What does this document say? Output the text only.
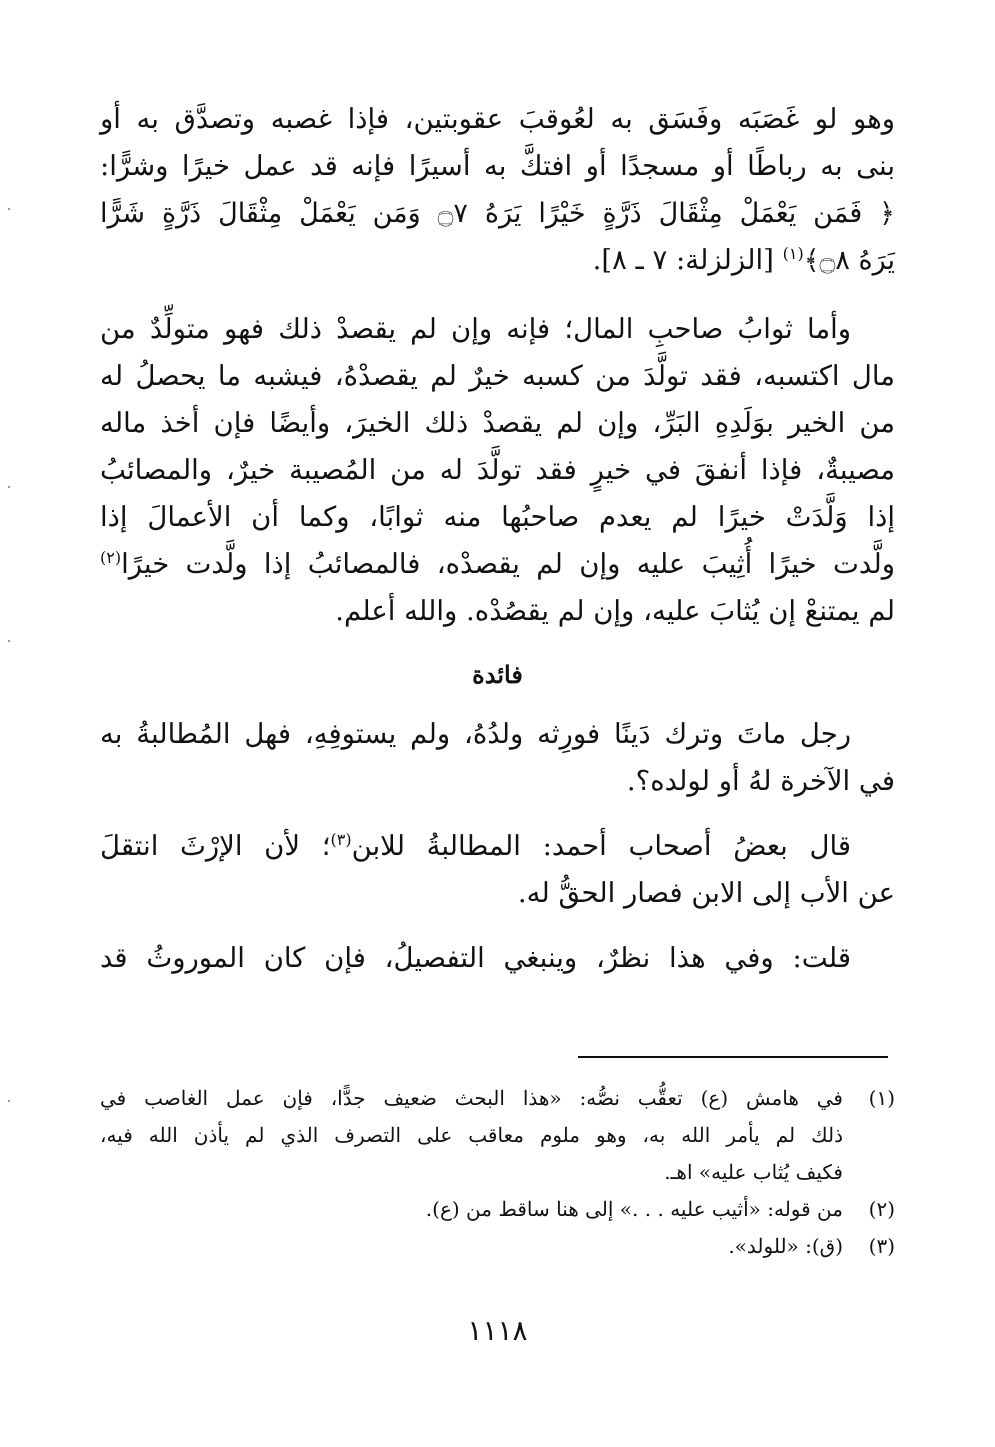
وهو لو غَصَبَه وفَسَق به لعُوقبَ عقوبتين، فإذا غصبه وتصدَّق به أو
بنى به رباطًا أو مسجدًا أو افتكَّ به أسيرًا فإنه قد عمل خيرًا وشرًّا:
﴿ فَمَن يَعْمَلْ مِثْقَالَ ذَرَّةٍ خَيْرًا يَرَهُ ۝٧ وَمَن يَعْمَلْ مِثْقَالَ ذَرَّةٍ شَرًّا
يَرَهُ ۝٨﴾$^{(١)}$ [الزلزلة: ٧ ـ ٨].
وأما ثوابُ صاحبِ المال؛ فإنه وإن لم يقصدْ ذلك فهو متولِّدٌ من
مال اكتسبه، فقد تولَّدَ من كسبه خيرٌ لم يقصدْهُ، فيشبه ما يحصلُ له
من الخير بوَلَدِهِ البَرِّ، وإن لم يقصدْ ذلك الخيرَ، وأيضًا فإن أخذ ماله
مصيبةٌ، فإذا أنفقَ في خيرٍ فقد تولَّدَ له من المُصيبة خيرٌ، والمصائبُ
إذا وَلَّدَتْ خيرًا لم يعدم صاحبُها منه ثوابًا، وكما أن الأعمالَ إذا
ولَّدت خيرًا أُثِيبَ عليه وإن لم يقصدْه، فالمصائبُ إذا ولَّدت خيرًا$^{(٢)}$
لم يمتنعْ إن يُثابَ عليه، وإن لم يقصُدْه. والله أعلم.
فائدة
رجل ماتَ وترك دَينًا فورِثه ولدُهُ، ولم يستوفِهِ، فهل المُطالبةُ به
في الآخرة لهُ أو لولده؟.
قال بعضُ أصحاب أحمد: المطالبةُ للابن$^{(٣)}$؛ لأن الإرْثَ انتقلَ
عن الأب إلى الابن فصار الحقُّ له.
قلت: وفي هذا نظرٌ، وينبغي التفصيلُ، فإن كان الموروثُ قد
(١)
في هامش (ع) تعقُّب نصُّه: «هذا البحث ضعيف جدًّا، فإن عمل الغاصب في
ذلك لم يأمر الله به، وهو ملوم معاقب على التصرف الذي لم يأذن الله فيه،
فكيف يُثاب عليه» اهـ.
(٢)
من قوله: «أثيب عليه . . .» إلى هنا ساقط من (ع).
(٣)
(ق): «للولد».
١١١٨
